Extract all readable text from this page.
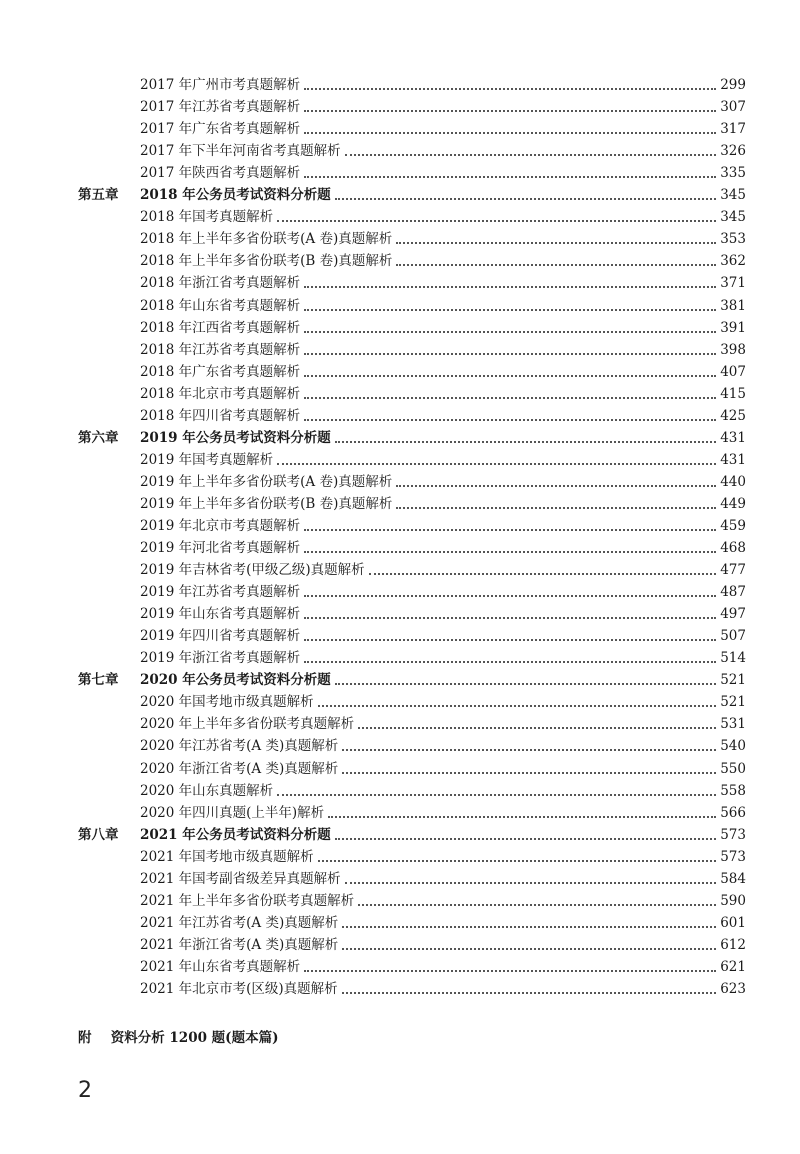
2017 年广州市考真题解析	299
2017 年江苏省考真题解析	307
2017 年广东省考真题解析	317
2017 年下半年河南省考真题解析	326
2017 年陕西省考真题解析	335
第五章	2018 年公务员考试资料分析题	345
2018 年国考真题解析	345
2018 年上半年多省份联考(A 卷)真题解析	353
2018 年上半年多省份联考(B 卷)真题解析	362
2018 年浙江省考真题解析	371
2018 年山东省考真题解析	381
2018 年江西省考真题解析	391
2018 年江苏省考真题解析	398
2018 年广东省考真题解析	407
2018 年北京市考真题解析	415
2018 年四川省考真题解析	425
第六章	2019 年公务员考试资料分析题	431
2019 年国考真题解析	431
2019 年上半年多省份联考(A 卷)真题解析	440
2019 年上半年多省份联考(B 卷)真题解析	449
2019 年北京市考真题解析	459
2019 年河北省考真题解析	468
2019 年吉林省考(甲级乙级)真题解析	477
2019 年江苏省考真题解析	487
2019 年山东省考真题解析	497
2019 年四川省考真题解析	507
2019 年浙江省考真题解析	514
第七章	2020 年公务员考试资料分析题	521
2020 年国考地市级真题解析	521
2020 年上半年多省份联考真题解析	531
2020 年江苏省考(A 类)真题解析	540
2020 年浙江省考(A 类)真题解析	550
2020 年山东真题解析	558
2020 年四川真题(上半年)解析	566
第八章	2021 年公务员考试资料分析题	573
2021 年国考地市级真题解析	573
2021 年国考副省级差异真题解析	584
2021 年上半年多省份联考真题解析	590
2021 年江苏省考(A 类)真题解析	601
2021 年浙江省考(A 类)真题解析	612
2021 年山东省考真题解析	621
2021 年北京市考(区级)真题解析	623
附 资料分析 1200 题(题本篇)
2
